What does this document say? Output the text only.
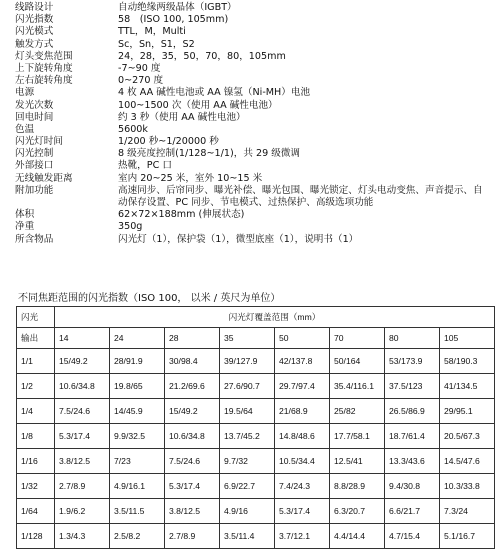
线路设计	自动绝缘两级晶体（IGBT）
闪光指数	58　(ISO 100, 105mm)
闪光模式	TTL，M，Multi
触发方式	Sc，Sn，S1，S2
灯头变焦范围	24，28，35，50，70，80，105mm
上下旋转角度	-7~90 度
左右旋转角度	0~270 度
电源	4 枚 AA 碱性电池或 AA 镍氢（Ni-MH）电池
发光次数	100~1500 次（使用 AA 碱性电池）
回电时间	约 3 秒（使用 AA 碱性电池）
色温	5600k
闪光灯时间	1/200 秒~1/20000 秒
闪光控制	8 级亮度控制(1/128~1/1)，共 29 级微调
外部接口	热靴，PC 口
无线触发距离	室内 20~25 米，室外 10~15 米
附加功能	高速同步、后帘同步、曝光补偿、曝光包围、曝光锁定、灯头电动变焦、声音提示、自动保存设置、PC 同步、节电模式、过热保护、高级选项功能
体积	62×72×188mm (伸展状态)
净重	350g
所含物品	闪光灯（1），保护袋（1），微型底座（1），说明书（1）
不同焦距范围的闪光指数（ISO 100， 以米 / 英尺为单位）
闪光	闪光灯覆盖范围（mm）							
输出	14	24	28	35	50	70	80	105
1/1	15/49.2	28/91.9	30/98.4	39/127.9	42/137.8	50/164	53/173.9	58/190.3
1/2	10.6/34.8	19.8/65	21.2/69.6	27.6/90.7	29.7/97.4	35.4/116.1	37.5/123	41/134.5
1/4	7.5/24.6	14/45.9	15/49.2	19.5/64	21/68.9	25/82	26.5/86.9	29/95.1
1/8	5.3/17.4	9.9/32.5	10.6/34.8	13.7/45.2	14.8/48.6	17.7/58.1	18.7/61.4	20.5/67.3
1/16	3.8/12.5	7/23	7.5/24.6	9.7/32	10.5/34.4	12.5/41	13.3/43.6	14.5/47.6
1/32	2.7/8.9	4.9/16.1	5.3/17.4	6.9/22.7	7.4/24.3	8.8/28.9	9.4/30.8	10.3/33.8
1/64	1.9/6.2	3.5/11.5	3.8/12.5	4.9/16	5.3/17.4	6.3/20.7	6.6/21.7	7.3/24
1/128	1.3/4.3	2.5/8.2	2.7/8.9	3.5/11.4	3.7/12.1	4.4/14.4	4.7/15.4	5.1/16.7
